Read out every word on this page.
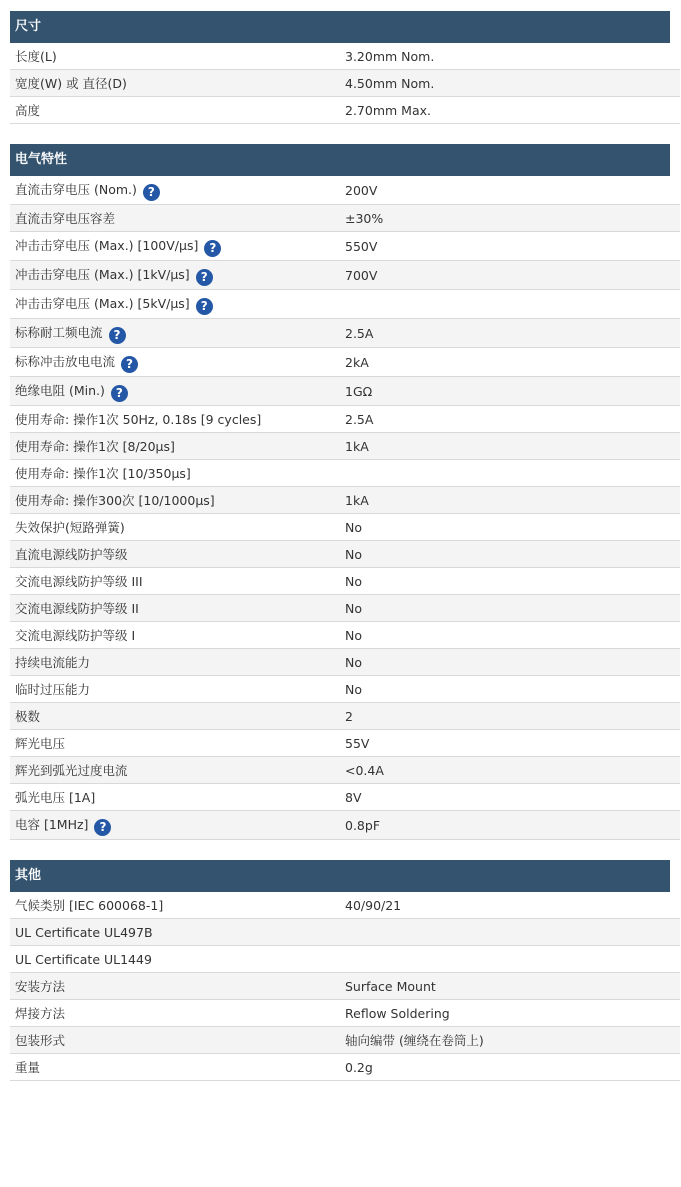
尺寸
长度(L)	3.20mm Nom.
宽度(W) 或 直径(D)	4.50mm Nom.
高度	2.70mm Max.
电气特性
直流击穿电压 (Nom.) ?	200V
直流击穿电压容差	±30%
冲击击穿电压 (Max.) [100V/µs] ?	550V
冲击击穿电压 (Max.) [1kV/µs] ?	700V
冲击击穿电压 (Max.) [5kV/µs] ?	
标称耐工频电流 ?	2.5A
标称冲击放电电流 ?	2kA
绝缘电阻 (Min.) ?	1GΩ
使用寿命: 操作1次 50Hz, 0.18s [9 cycles]	2.5A
使用寿命: 操作1次 [8/20µs]	1kA
使用寿命: 操作1次 [10/350µs]	
使用寿命: 操作300次 [10/1000µs]	1kA
失效保护(短路弹簧)	No
直流电源线防护等级	No
交流电源线防护等级 III	No
交流电源线防护等级 II	No
交流电源线防护等级 I	No
持续电流能力	No
临时过压能力	No
极数	2
辉光电压	55V
辉光到弧光过度电流	<0.4A
弧光电压 [1A]	8V
电容 [1MHz] ?	0.8pF
其他
气候类别 [IEC 600068-1]	40/90/21
UL Certificate UL497B	
UL Certificate UL1449	
安装方法	Surface Mount
焊接方法	Reflow Soldering
包装形式	轴向编带 (缠绕在卷筒上)
重量	0.2g
